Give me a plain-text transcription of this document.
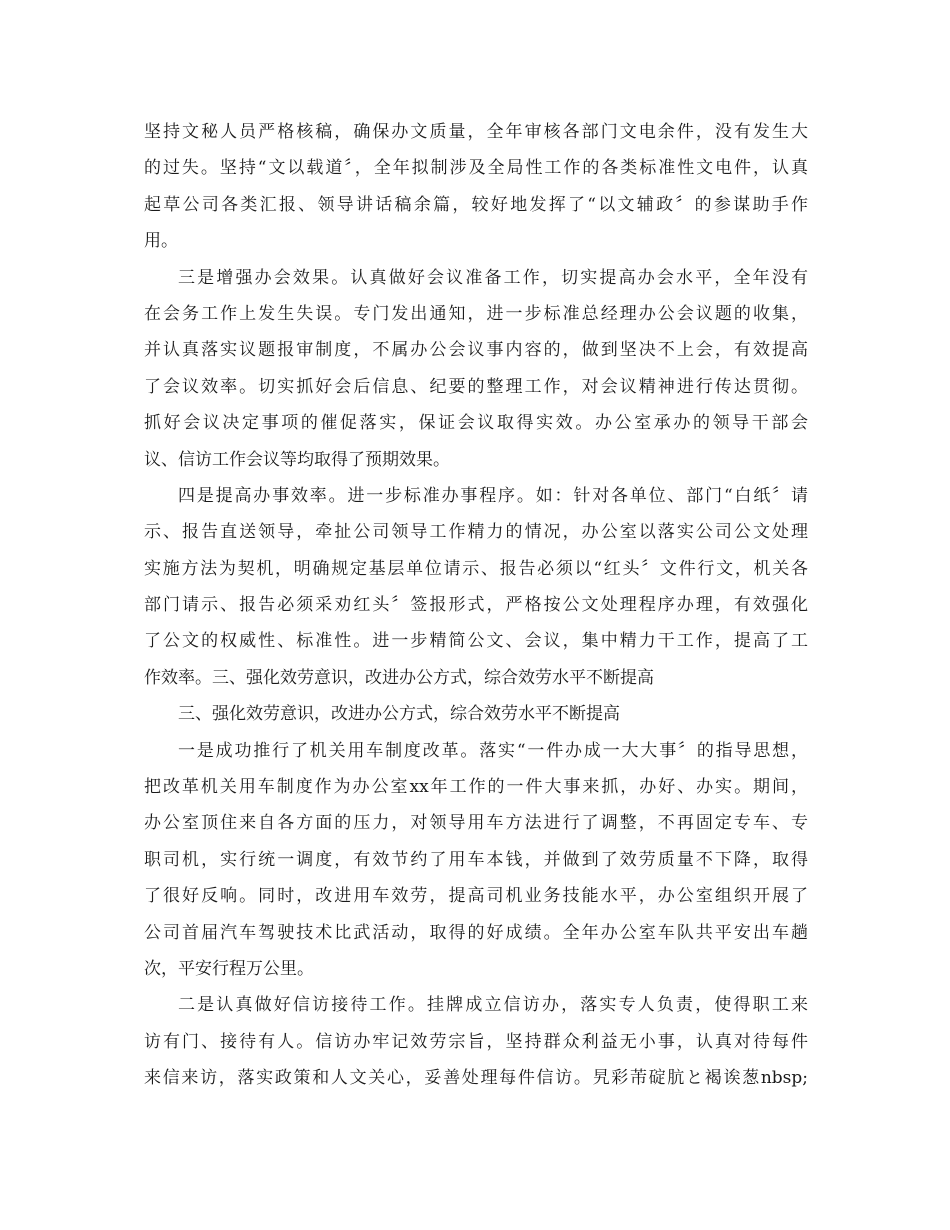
坚持文秘人员严格核稿，确保办文质量，全年审核各部门文电余件，没有发生大
的过失。坚持“文以载道〞，全年拟制涉及全局性工作的各类标准性文电件，认真
起草公司各类汇报、领导讲话稿余篇，较好地发挥了“以文辅政〞的参谋助手作
用。
三是增强办会效果。认真做好会议准备工作，切实提高办会水平，全年没有
在会务工作上发生失误。专门发出通知，进一步标准总经理办公会议题的收集，
并认真落实议题报审制度，不属办公会议事内容的，做到坚决不上会，有效提高
了会议效率。切实抓好会后信息、纪要的整理工作，对会议精神进行传达贯彻。
抓好会议决定事项的催促落实，保证会议取得实效。办公室承办的领导干部会
议、信访工作会议等均取得了预期效果。
四是提高办事效率。进一步标准办事程序。如：针对各单位、部门“白纸〞请
示、报告直送领导，牵扯公司领导工作精力的情况，办公室以落实公司公文处理
实施方法为契机，明确规定基层单位请示、报告必须以“红头〞文件行文，机关各
部门请示、报告必须采劝红头〞签报形式，严格按公文处理程序办理，有效强化
了公文的权威性、标准性。进一步精简公文、会议，集中精力干工作，提高了工
作效率。三、强化效劳意识，改进办公方式，综合效劳水平不断提高
三、强化效劳意识，改进办公方式，综合效劳水平不断提高
一是成功推行了机关用车制度改革。落实“一件办成一大大事〞的指导思想，
把改革机关用车制度作为办公室xx年工作的一件大事来抓，办好、办实。期间，
办公室顶住来自各方面的压力，对领导用车方法进行了调整，不再固定专车、专
职司机，实行统一调度，有效节约了用车本钱，并做到了效劳质量不下降，取得
了很好反响。同时，改进用车效劳，提高司机业务技能水平，办公室组织开展了
公司首届汽车驾驶技术比武活动，取得的好成绩。全年办公室车队共平安出车趟
次，平安行程万公里。
二是认真做好信访接待工作。挂牌成立信访办，落实专人负责，使得职工来
访有门、接待有人。信访办牢记效劳宗旨，坚持群众利益无小事，认真对待每件
来信来访，落实政策和人文关心，妥善处理每件信访。旯彩芾碇肮と褐诶葱nbsp;
